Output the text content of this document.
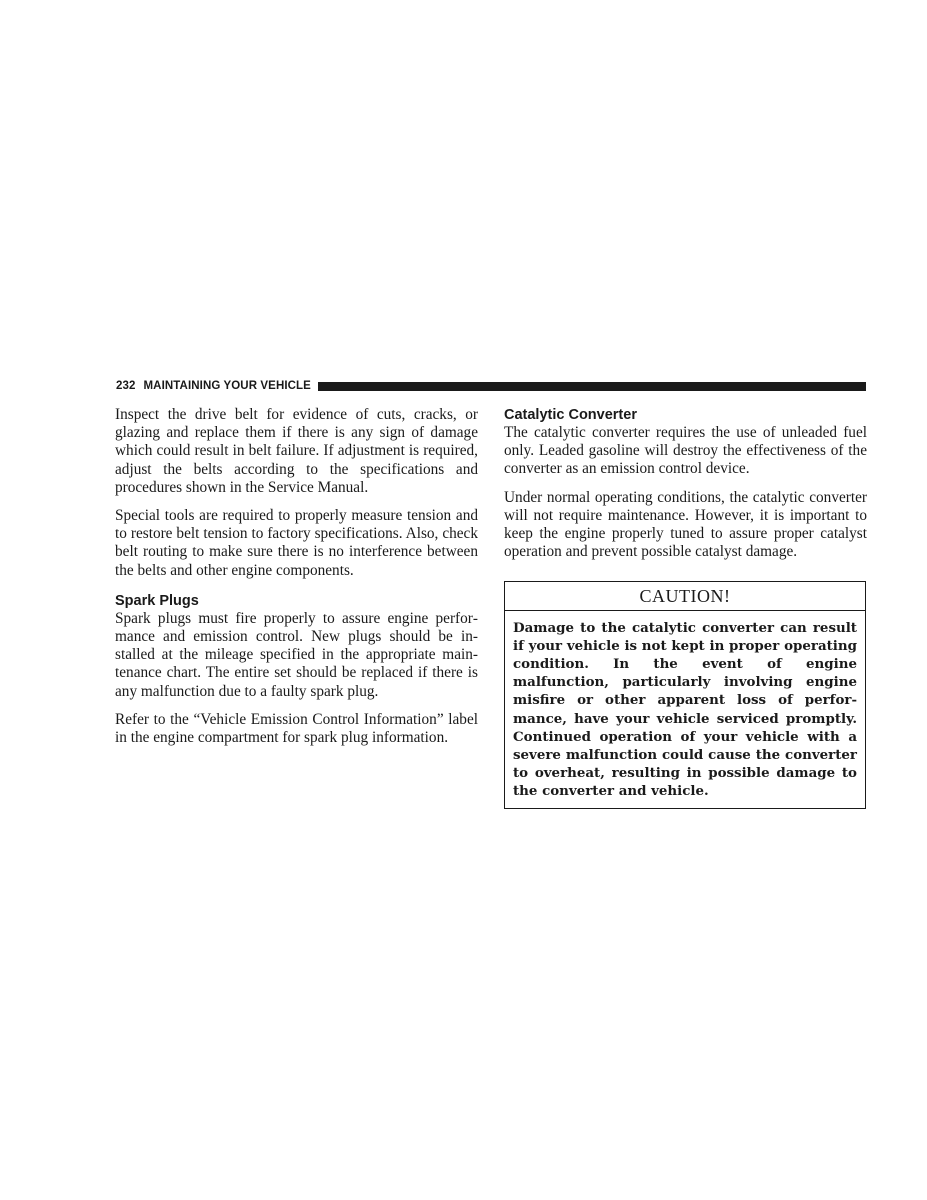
232 MAINTAINING YOUR VEHICLE

Inspect the drive belt for evidence of cuts, cracks, or glazing and replace them if there is any sign of damage which could result in belt failure. If adjustment is required, adjust the belts according to the specifications and procedures shown in the Service Manual.

Special tools are required to properly measure tension and to restore belt tension to factory specifications. Also, check belt routing to make sure there is no interference between the belts and other engine components.

Spark Plugs

Spark plugs must fire properly to assure engine performance and emission control. New plugs should be installed at the mileage specified in the appropriate maintenance chart. The entire set should be replaced if there is any malfunction due to a faulty spark plug.

Refer to the “Vehicle Emission Control Information” label in the engine compartment for spark plug information.

Catalytic Converter

The catalytic converter requires the use of unleaded fuel only. Leaded gasoline will destroy the effectiveness of the converter as an emission control device.

Under normal operating conditions, the catalytic converter will not require maintenance. However, it is important to keep the engine properly tuned to assure proper catalyst operation and prevent possible catalyst damage.

CAUTION!
Damage to the catalytic converter can result if your vehicle is not kept in proper operating condition. In the event of engine malfunction, particularly involving engine misfire or other apparent loss of performance, have your vehicle serviced promptly. Continued operation of your vehicle with a severe malfunction could cause the converter to overheat, resulting in possible damage to the converter and vehicle.
